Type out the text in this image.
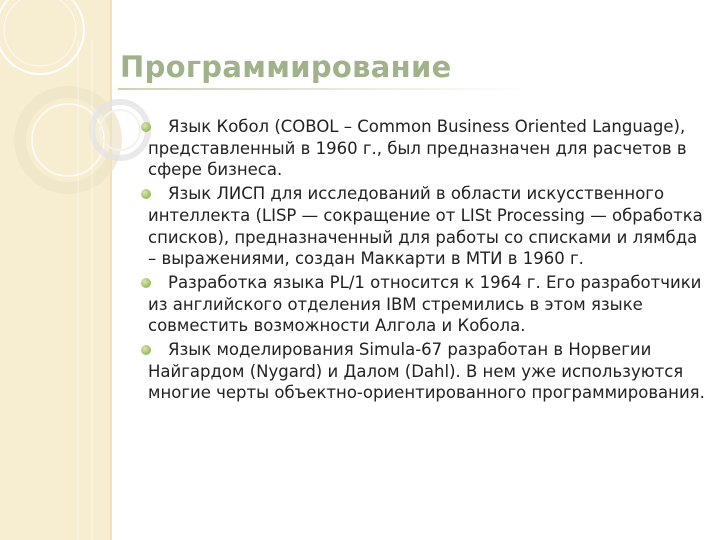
Программирование
Язык Кобол (COBOL – Common Business Oriented Language), представленный в 1960 г., был предназначен для расчетов в сфере бизнеса.
Язык ЛИСП для исследований в области искусственного интеллекта (LISP — сокращение от LISt Processing — обработка списков), предназначенный для работы со списками и лямбда – выражениями, создан Маккарти в МТИ в 1960 г.
Разработка языка PL/1 относится к 1964 г. Его разработчики из английского отделения IBM стремились в этом языке совместить возможности Алгола и Кобола.
Язык моделирования Simula-67 разработан в Норвегии Найгардом (Nygard) и Далом (Dahl). В нем уже используются многие черты объектно-ориентированного программирования.
